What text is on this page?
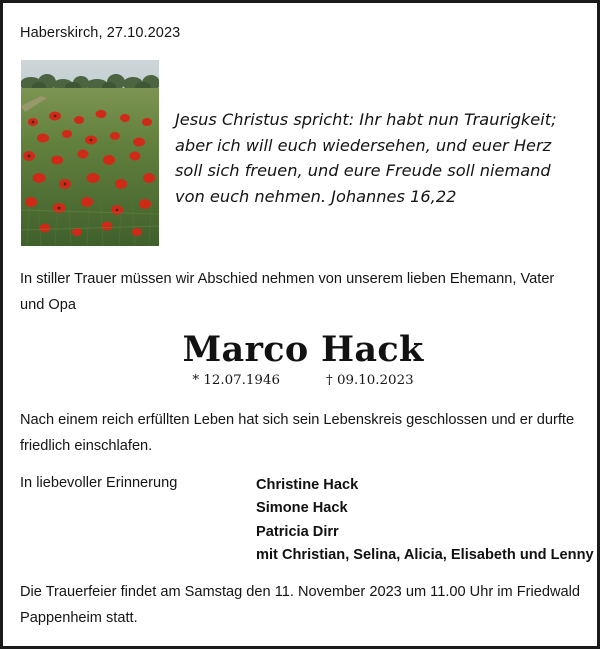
Haberskirch, 27.10.2023
Jesus Christus spricht: Ihr habt nun Traurigkeit; aber ich will euch wiedersehen, und euer Herz soll sich freuen, und eure Freude soll niemand von euch nehmen. Johannes 16,22
In stiller Trauer müssen wir Abschied nehmen von unserem lieben Ehemann, Vater und Opa
Marco Hack
* 12.07.1946	† 09.10.2023
Nach einem reich erfüllten Leben hat sich sein Lebenskreis geschlossen und er durfte friedlich einschlafen.
In liebevoller Erinnerung	Christine Hack
Simone Hack
Patricia Dirr
mit Christian, Selina, Alicia, Elisabeth und Lenny
Die Trauerfeier findet am Samstag den 11. November 2023 um 11.00 Uhr im Friedwald Pappenheim statt.
